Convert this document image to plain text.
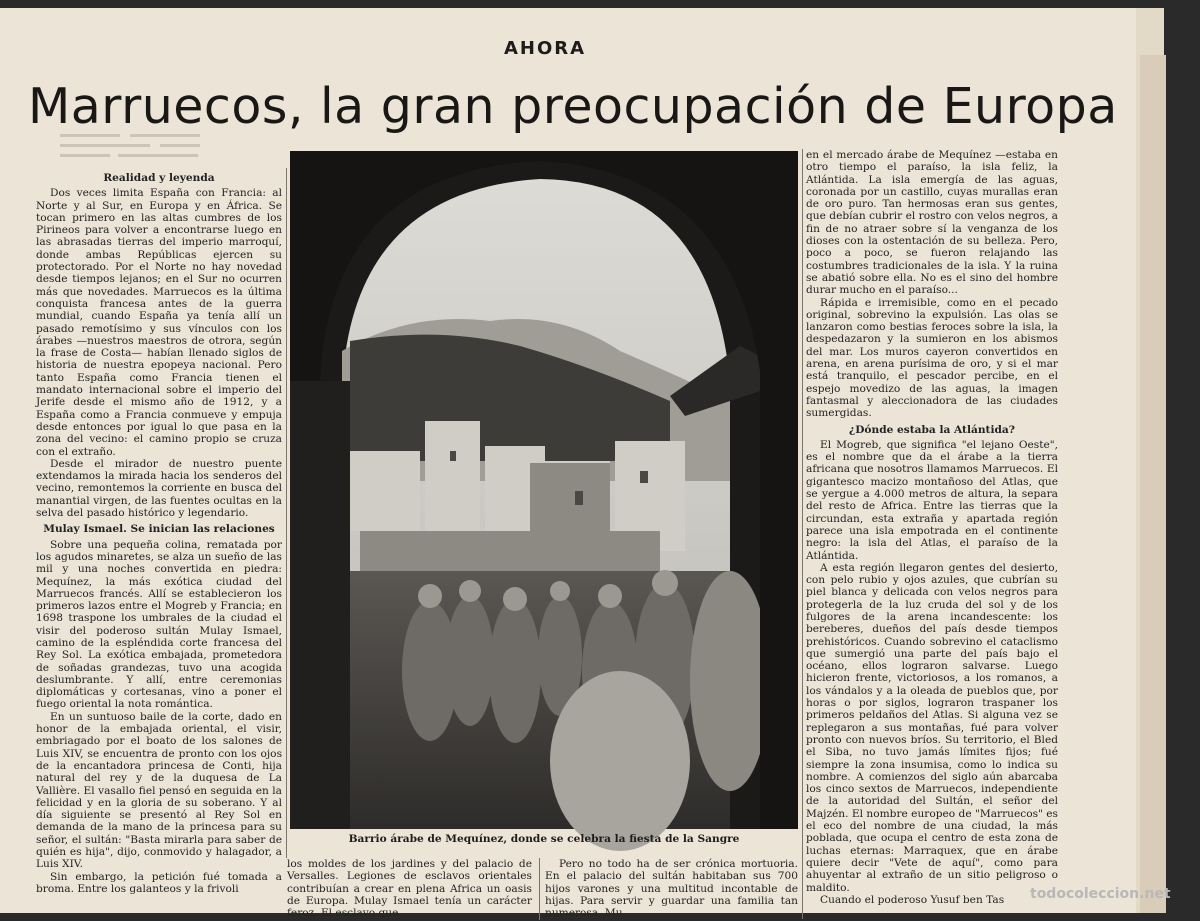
AHORA
Marruecos, la gran preocupación de Europa
Realidad y leyenda

Dos veces limita España con Francia: al Norte y al Sur, en Europa y en África. Se tocan primero en las altas cumbres de los Pirineos para volver a encontrarse luego en las abrasadas tierras del imperio marroquí, donde ambas Repúblicas ejercen su protectorado. Por el Norte no hay novedad desde tiempos lejanos; en el Sur no ocurren más que novedades. Marruecos es la última conquista francesa antes de la guerra mundial, cuando España ya tenía allí un pasado remotísimo y sus vínculos con los árabes —nuestros maestros de otrora, según la frase de Costa— habían llenado siglos de historia de nuestra epopeya nacional. Pero tanto España como Francia tienen el mandato internacional sobre el imperio del Jerife desde el mismo año de 1912, y a España como a Francia conmueve y empuja desde entonces por igual lo que pasa en la zona del vecino: el camino propio se cruza con el extraño.

Desde el mirador de nuestro puente extendamos la mirada hacia los senderos del vecino, remontemos la corriente en busca del manantial virgen, de las fuentes ocultas en la selva del pasado histórico y legendario.

Mulay Ismael. Se inician las relaciones

Sobre una pequeña colina, rematada por los agudos minaretes, se alza un sueño de las mil y una noches convertida en piedra: Mequínez, la más exótica ciudad del Marruecos francés. Allí se establecieron los primeros lazos entre el Mogreb y Francia; en 1698 traspone los umbrales de la ciudad el visir del poderoso sultán Mulay Ismael, camino de la espléndida corte francesa del Rey Sol. La exótica embajada, prometedora de soñadas grandezas, tuvo una acogida deslumbrante. Y allí, entre ceremonias diplomáticas y cortesanas, vino a poner el fuego oriental la nota romántica.

En un suntuoso baile de la corte, dado en honor de la embajada oriental, el visir, embriagado por el boato de los salones de Luis XIV, se encuentra de pronto con los ojos de la encantadora princesa de Conti, hija natural del rey y de la duquesa de La Vallière. El vasallo fiel pensó en seguida en la felicidad y en la gloria de su soberano. Y al día siguiente se presentó al Rey Sol en demanda de la mano de la princesa para su señor, el sultán: "Basta mirarla para saber de quién es hija", dijo, conmovido y halagador, a Luis XIV.

Sin embargo, la petición fué tomada a broma. Entre los galanteos y la frivoli

Barrio árabe de Mequínez, donde se celebra la fiesta de la Sangre

los moldes de los jardines y del palacio de Versalles. Legiones de esclavos orientales contribuían a crear en plena Africa un oasis de Europa. Mulay Ismael tenía un carácter feroz. El esclavo que

Pero no todo ha de ser crónica mortuoria. En el palacio del sultán habitaban sus 700 hijos varones y una multitud incontable de hijas. Para servir y guardar una familia tan numerosa, Mu

en el mercado árabe de Mequínez —estaba en otro tiempo el paraíso, la isla feliz, la Atlántida. La isla emergía de las aguas, coronada por un castillo, cuyas murallas eran de oro puro. Tan hermosas eran sus gentes, que debían cubrir el rostro con velos negros, a fin de no atraer sobre sí la venganza de los dioses con la ostentación de su belleza. Pero, poco a poco, se fueron relajando las costumbres tradicionales de la isla. Y la ruina se abatió sobre ella. No es el sino del hombre durar mucho en el paraíso...

Rápida e irremisible, como en el pecado original, sobrevino la expulsión. Las olas se lanzaron como bestias feroces sobre la isla, la despedazaron y la sumieron en los abismos del mar. Los muros cayeron convertidos en arena, en arena purísima de oro, y si el mar está tranquilo, el pescador percibe, en el espejo movedizo de las aguas, la imagen fantasmal y aleccionadora de las ciudades sumergidas.

¿Dónde estaba la Atlántida?

El Mogreb, que significa "el lejano Oeste", es el nombre que da el árabe a la tierra africana que nosotros llamamos Marruecos. El gigantesco macizo montañoso del Atlas, que se yergue a 4.000 metros de altura, la separa del resto de Africa. Entre las tierras que la circundan, esta extraña y apartada región parece una isla empotrada en el continente negro: la isla del Atlas, el paraíso de la Atlántida.

A esta región llegaron gentes del desierto, con pelo rubio y ojos azules, que cubrían su piel blanca y delicada con velos negros para protegerla de la luz cruda del sol y de los fulgores de la arena incandescente: los bereberes, dueños del país desde tiempos prehistóricos. Cuando sobrevino el cataclismo que sumergió una parte del país bajo el océano, ellos lograron salvarse. Luego hicieron frente, victoriosos, a los romanos, a los vándalos y a la oleada de pueblos que, por horas o por siglos, lograron traspaner los primeros peldaños del Atlas. Si alguna vez se replegaron a sus montañas, fué para volver pronto con nuevos bríos. Su territorio, el Bled el Siba, no tuvo jamás límites fijos; fué siempre la zona insumisa, como lo indica su nombre. A comienzos del siglo aún abarcaba los cinco sextos de Marruecos, independiente de la autoridad del Sultán, el señor del Majzén. El nombre europeo de "Marruecos" es el eco del nombre de una ciudad, la más poblada, que ocupa el centro de esta zona de luchas eternas: Marraquex, que en árabe quiere decir "Vete de aquí", como para ahuyentar al extraño de un sitio peligroso o maldito.

Cuando el poderoso Yusuf ben Tas	todocoleccion.net
